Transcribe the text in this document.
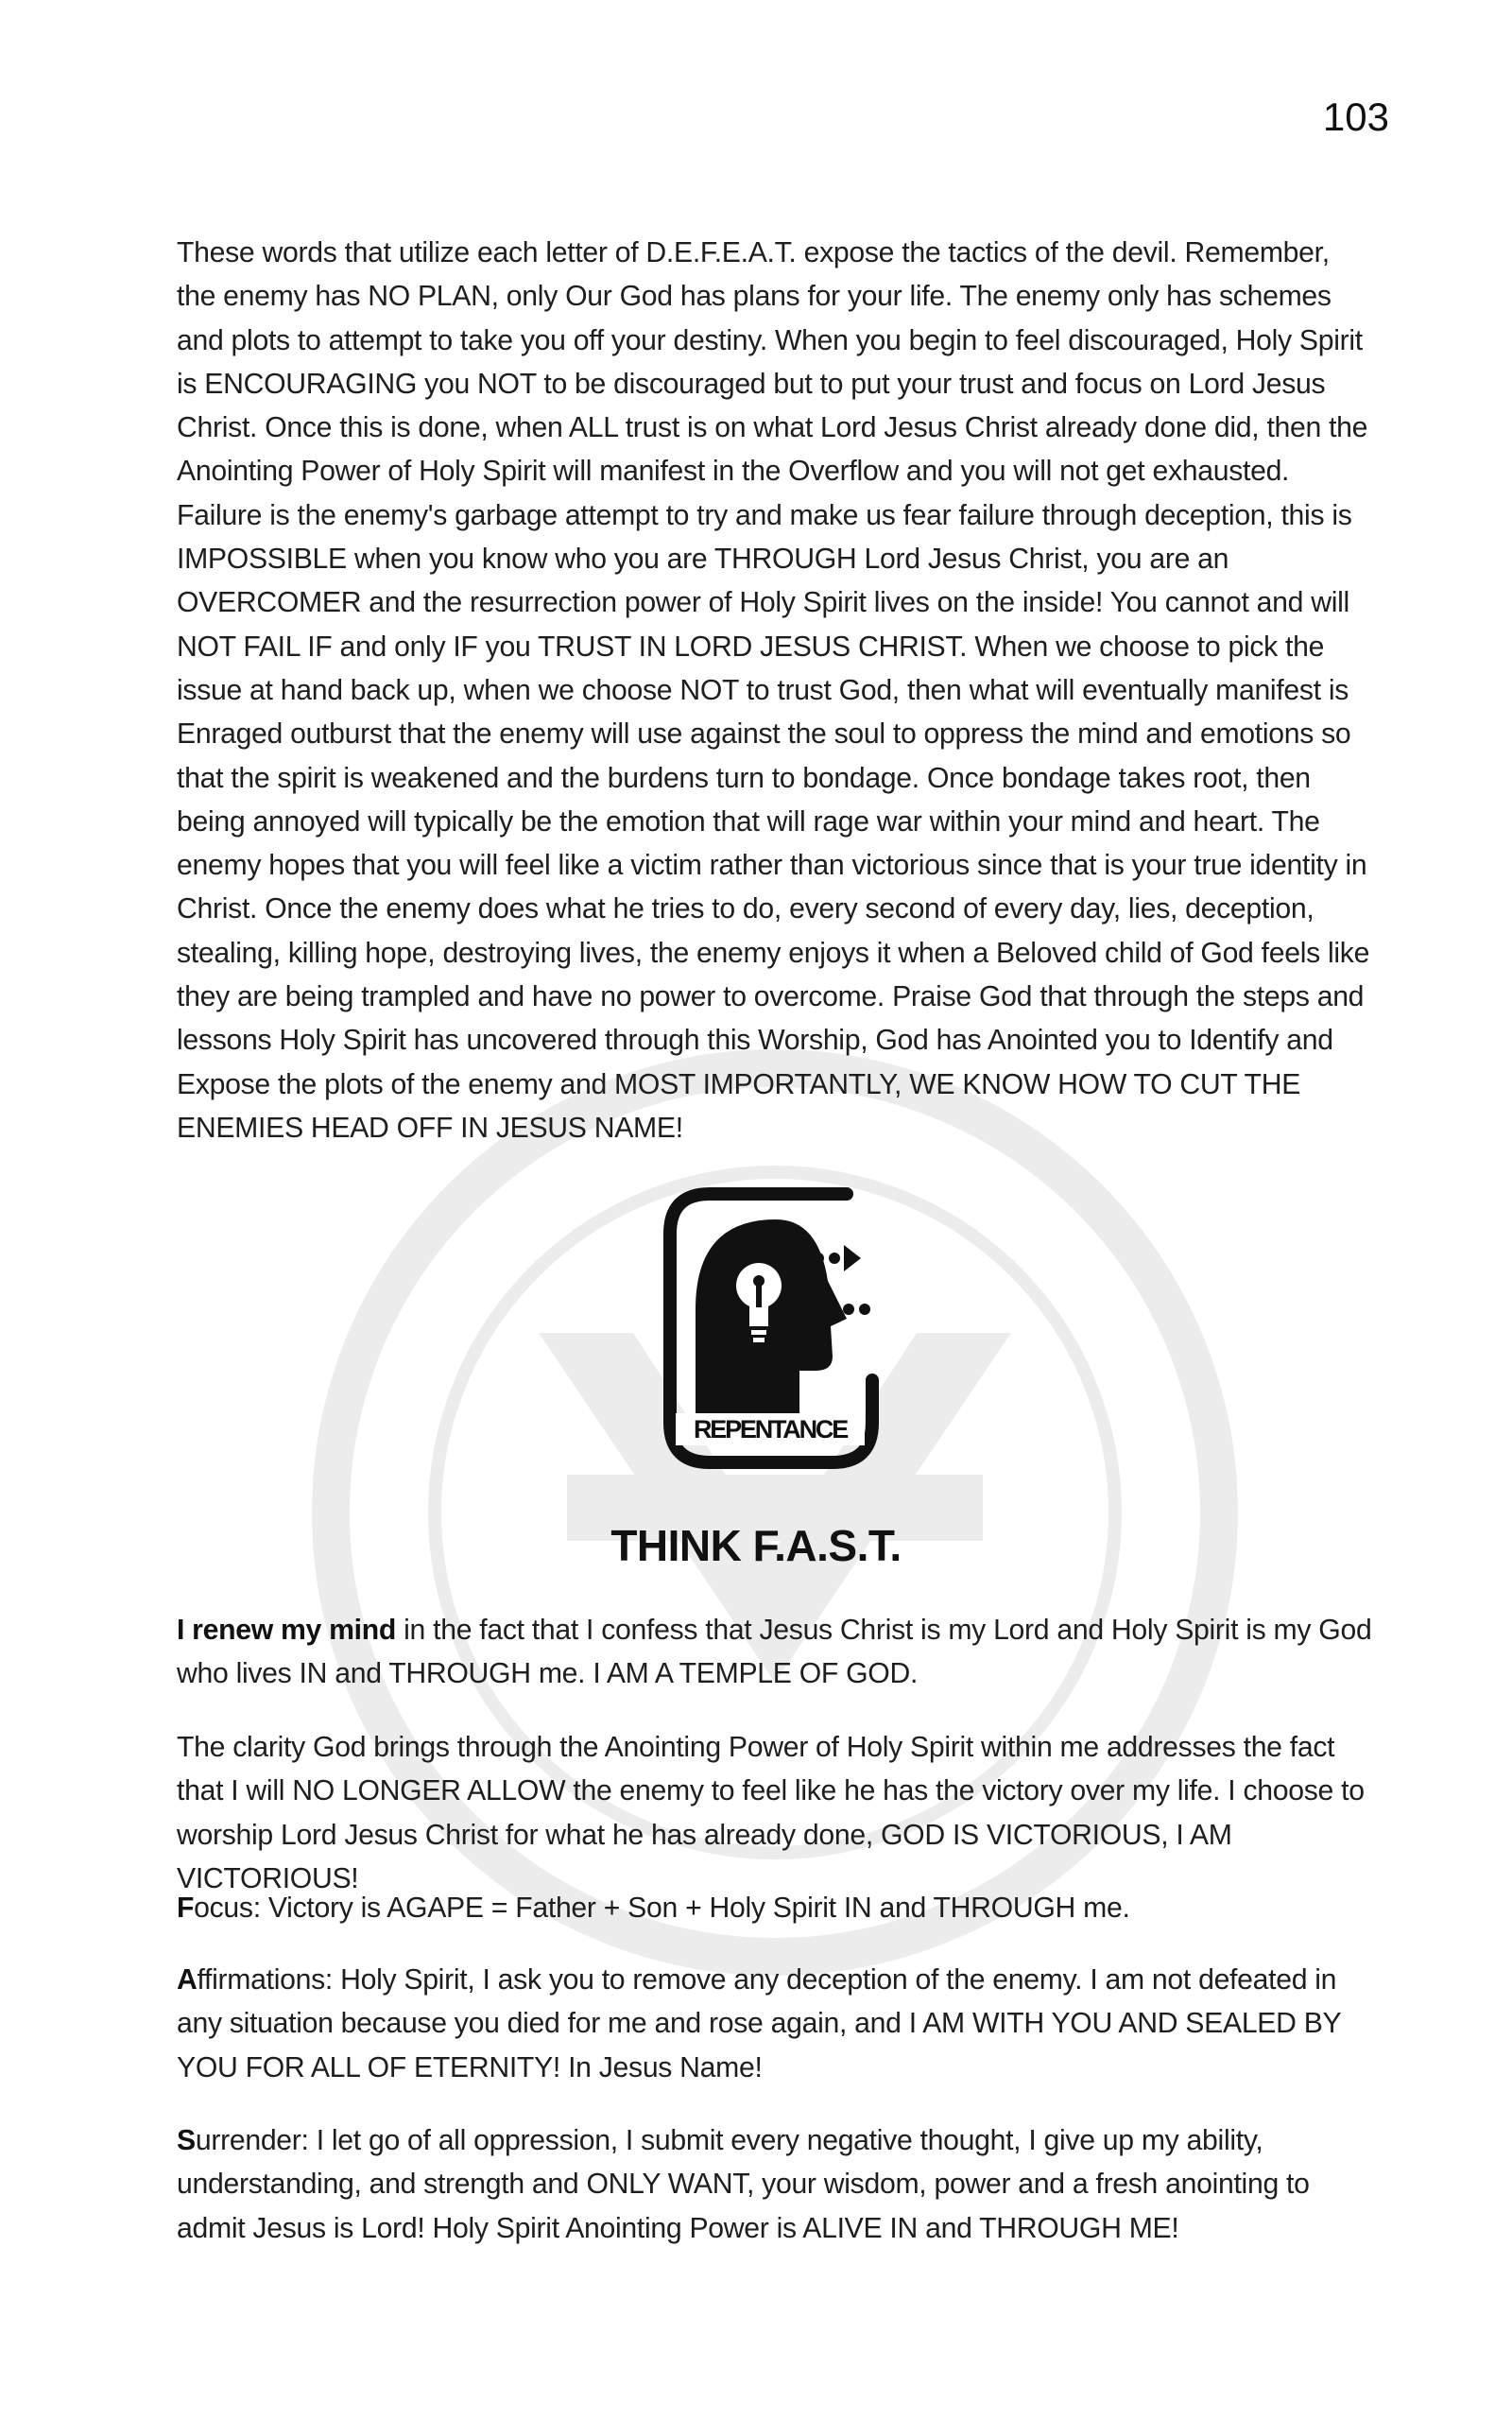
103

These words that utilize each letter of D.E.F.E.A.T. expose the tactics of the devil. Remember, the enemy has NO PLAN, only Our God has plans for your life. The enemy only has schemes and plots to attempt to take you off your destiny. When you begin to feel discouraged, Holy Spirit is ENCOURAGING you NOT to be discouraged but to put your trust and focus on Lord Jesus Christ. Once this is done, when ALL trust is on what Lord Jesus Christ already done did, then the Anointing Power of Holy Spirit will manifest in the Overflow and you will not get exhausted. Failure is the enemy's garbage attempt to try and make us fear failure through deception, this is IMPOSSIBLE when you know who you are THROUGH Lord Jesus Christ, you are an OVERCOMER and the resurrection power of Holy Spirit lives on the inside! You cannot and will NOT FAIL IF and only IF you TRUST IN LORD JESUS CHRIST. When we choose to pick the issue at hand back up, when we choose NOT to trust God, then what will eventually manifest is Enraged outburst that the enemy will use against the soul to oppress the mind and emotions so that the spirit is weakened and the burdens turn to bondage. Once bondage takes root, then being annoyed will typically be the emotion that will rage war within your mind and heart. The enemy hopes that you will feel like a victim rather than victorious since that is your true identity in Christ. Once the enemy does what he tries to do, every second of every day, lies, deception, stealing, killing hope, destroying lives, the enemy enjoys it when a Beloved child of God feels like they are being trampled and have no power to overcome. Praise God that through the steps and lessons Holy Spirit has uncovered through this Worship, God has Anointed you to Identify and Expose the plots of the enemy and MOST IMPORTANTLY, WE KNOW HOW TO CUT THE ENEMIES HEAD OFF IN JESUS NAME!

REPENTANCE
THINK F.A.S.T.

I renew my mind in the fact that I confess that Jesus Christ is my Lord and Holy Spirit is my God who lives IN and THROUGH me. I AM A TEMPLE OF GOD.

The clarity God brings through the Anointing Power of Holy Spirit within me addresses the fact that I will NO LONGER ALLOW the enemy to feel like he has the victory over my life. I choose to worship Lord Jesus Christ for what he has already done, GOD IS VICTORIOUS, I AM VICTORIOUS!

Focus: Victory is AGAPE = Father + Son + Holy Spirit IN and THROUGH me.

Affirmations: Holy Spirit, I ask you to remove any deception of the enemy. I am not defeated in any situation because you died for me and rose again, and I AM WITH YOU AND SEALED BY YOU FOR ALL OF ETERNITY! In Jesus Name!

Surrender: I let go of all oppression, I submit every negative thought, I give up my ability, understanding, and strength and ONLY WANT, your wisdom, power and a fresh anointing to admit Jesus is Lord! Holy Spirit Anointing Power is ALIVE IN and THROUGH ME!
